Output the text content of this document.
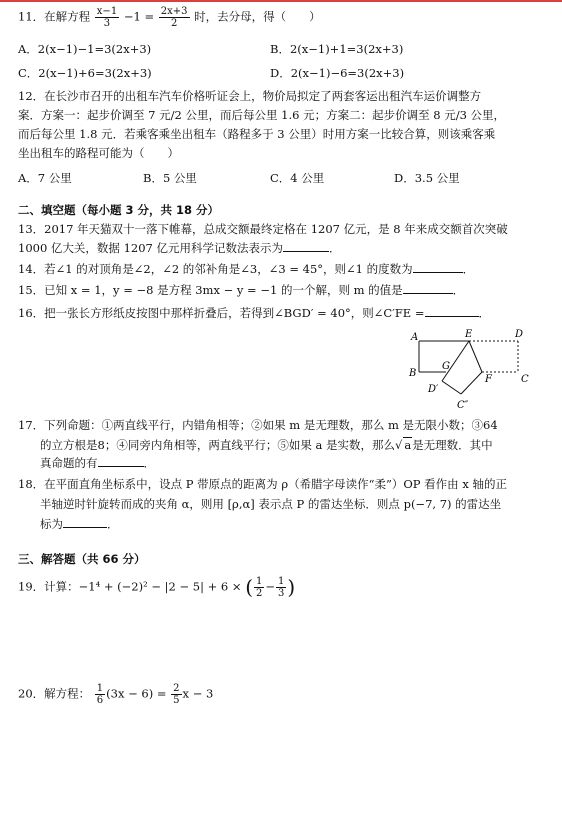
11．在解方程 $\frac{x-1}{3} -1 = \frac{2x+3}{2}$ 时，去分母，得（　　）
A．2(x−1)−1=3(2x+3)	B．2(x−1)+1=3(2x+3)
C．2(x−1)+6=3(2x+3)	D．2(x−1)−6=3(2x+3)
12．在长沙市召开的出租车汽车价格听证会上，物价局拟定了两套客运出租汽车运价调整方
案．方案一：起步价调至 7 元/2 公里，而后每公里 1.6 元；方案二：起步价调至 8 元/3 公里，
而后每公里 1.8 元．若乘客乘坐出租车（路程多于 3 公里）时用方案一比较合算，则该乘客乘
坐出租车的路程可能为（　　）
A．7 公里	B．5 公里	C．4 公里	D．3.5 公里
二、填空题（每小题 3 分，共 18 分）
13．2017 年天猫双十一落下帷幕，总成交额最终定格在 1207 亿元，是 8 年来成交额首次突破
1000 亿大关，数据 1207 亿元用科学记数法表示为	．
14．若∠1 的对顶角是∠2，∠2 的邻补角是∠3，∠3 = 45°，则∠1 的度数为	．
15．已知 x = 1，y = −8 是方程 3mx − y = −1 的一个解，则 m 的值是	．
16．把一张长方形纸皮按图中那样折叠后，若得到∠BGD′ = 40°，则∠C′FE =	．
A	E	D
G
B
F	C
D′
C″
17．下列命题：①两直线平行，内错角相等；②如果 m 是无理数，那么 m 是无限小数；③64
的立方根是8；④同旁内角相等，两直线平行；⑤如果 a 是实数，那么√ a是无理数．其中
真命题的有	．
18．在平面直角坐标系中，设点 P 带原点的距离为 ρ（希腊字母读作“柔”）OP 看作由 x 轴的正
半轴逆时针旋转而成的夹角 α，则用 [ρ,α] 表示点 P 的雷达坐标．则点 p(−7, 7) 的雷达坐
标为	．
三、解答题（共 66 分）
19．计算：−1⁴ + (−2)² − |2 − 5| + 6 × ( $\frac{1}{2} - \frac{1}{3}$ )
20．解方程： $\frac{1}{6} (3x - 6) = \frac{2}{5}$ x − 3
